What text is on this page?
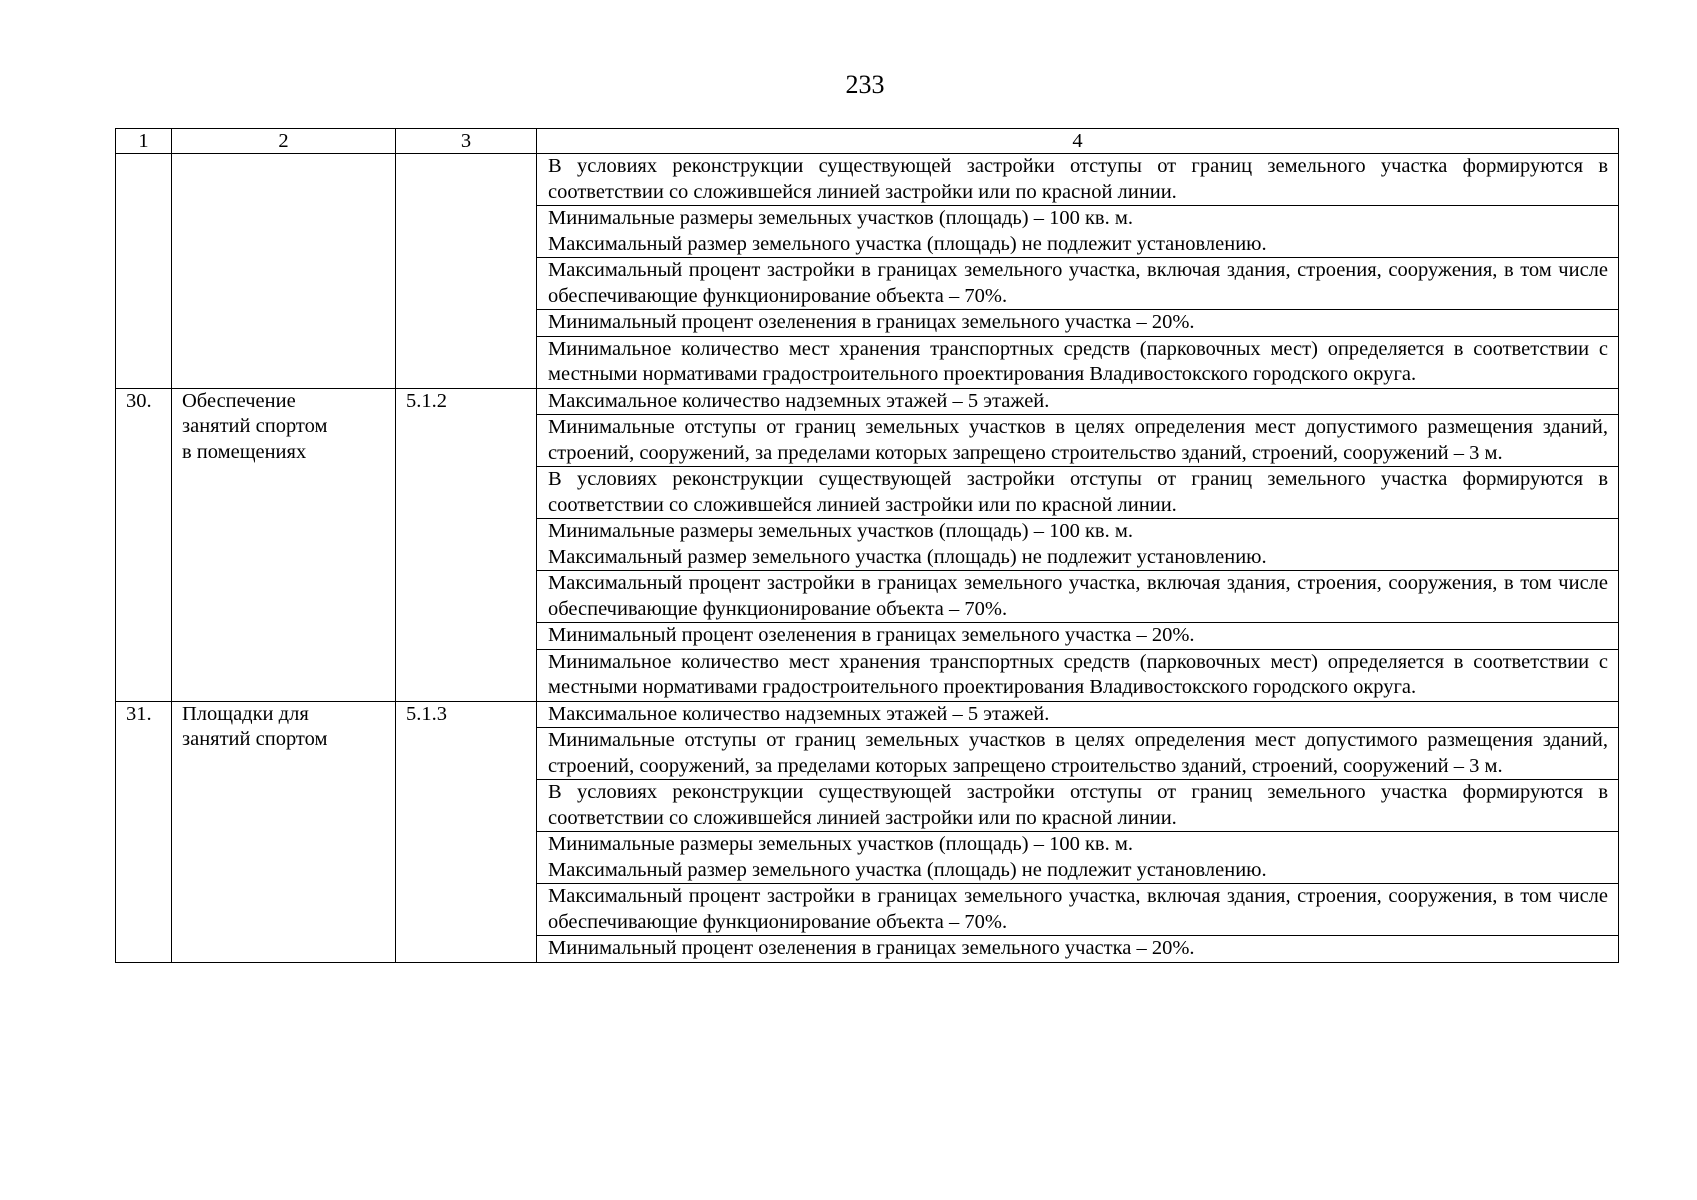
233
1	2	3	4
			В условиях реконструкции существующей застройки отступы от границ земельного участка формируются в соответствии со сложившейся линией застройки или по красной линии.
			Минимальные размеры земельных участков (площадь) – 100 кв. м.
Максимальный размер земельного участка (площадь) не подлежит установлению.
			Максимальный процент застройки в границах земельного участка, включая здания, строения, сооружения, в том числе обеспечивающие функционирование объекта – 70%.
			Минимальный процент озеленения в границах земельного участка – 20%.
			Минимальное количество мест хранения транспортных средств (парковочных мест) определяется в соответствии с местными нормативами градостроительного проектирования Владивостокского городского округа.
30.	Обеспечение
занятий спортом
в помещениях	5.1.2	Максимальное количество надземных этажей – 5 этажей.
			Минимальные отступы от границ земельных участков в целях определения мест допустимого размещения зданий, строений, сооружений, за пределами которых запрещено строительство зданий, строений, сооружений – 3 м.
			В условиях реконструкции существующей застройки отступы от границ земельного участка формируются в соответствии со сложившейся линией застройки или по красной линии.
			Минимальные размеры земельных участков (площадь) – 100 кв. м.
Максимальный размер земельного участка (площадь) не подлежит установлению.
			Максимальный процент застройки в границах земельного участка, включая здания, строения, сооружения, в том числе обеспечивающие функционирование объекта – 70%.
			Минимальный процент озеленения в границах земельного участка – 20%.
			Минимальное количество мест хранения транспортных средств (парковочных мест) определяется в соответствии с местными нормативами градостроительного проектирования Владивостокского городского округа.
31.	Площадки для
занятий спортом	5.1.3	Максимальное количество надземных этажей – 5 этажей.
			Минимальные отступы от границ земельных участков в целях определения мест допустимого размещения зданий, строений, сооружений, за пределами которых запрещено строительство зданий, строений, сооружений – 3 м.
			В условиях реконструкции существующей застройки отступы от границ земельного участка формируются в соответствии со сложившейся линией застройки или по красной линии.
			Минимальные размеры земельных участков (площадь) – 100 кв. м.
Максимальный размер земельного участка (площадь) не подлежит установлению.
			Максимальный процент застройки в границах земельного участка, включая здания, строения, сооружения, в том числе обеспечивающие функционирование объекта – 70%.
			Минимальный процент озеленения в границах земельного участка – 20%.
